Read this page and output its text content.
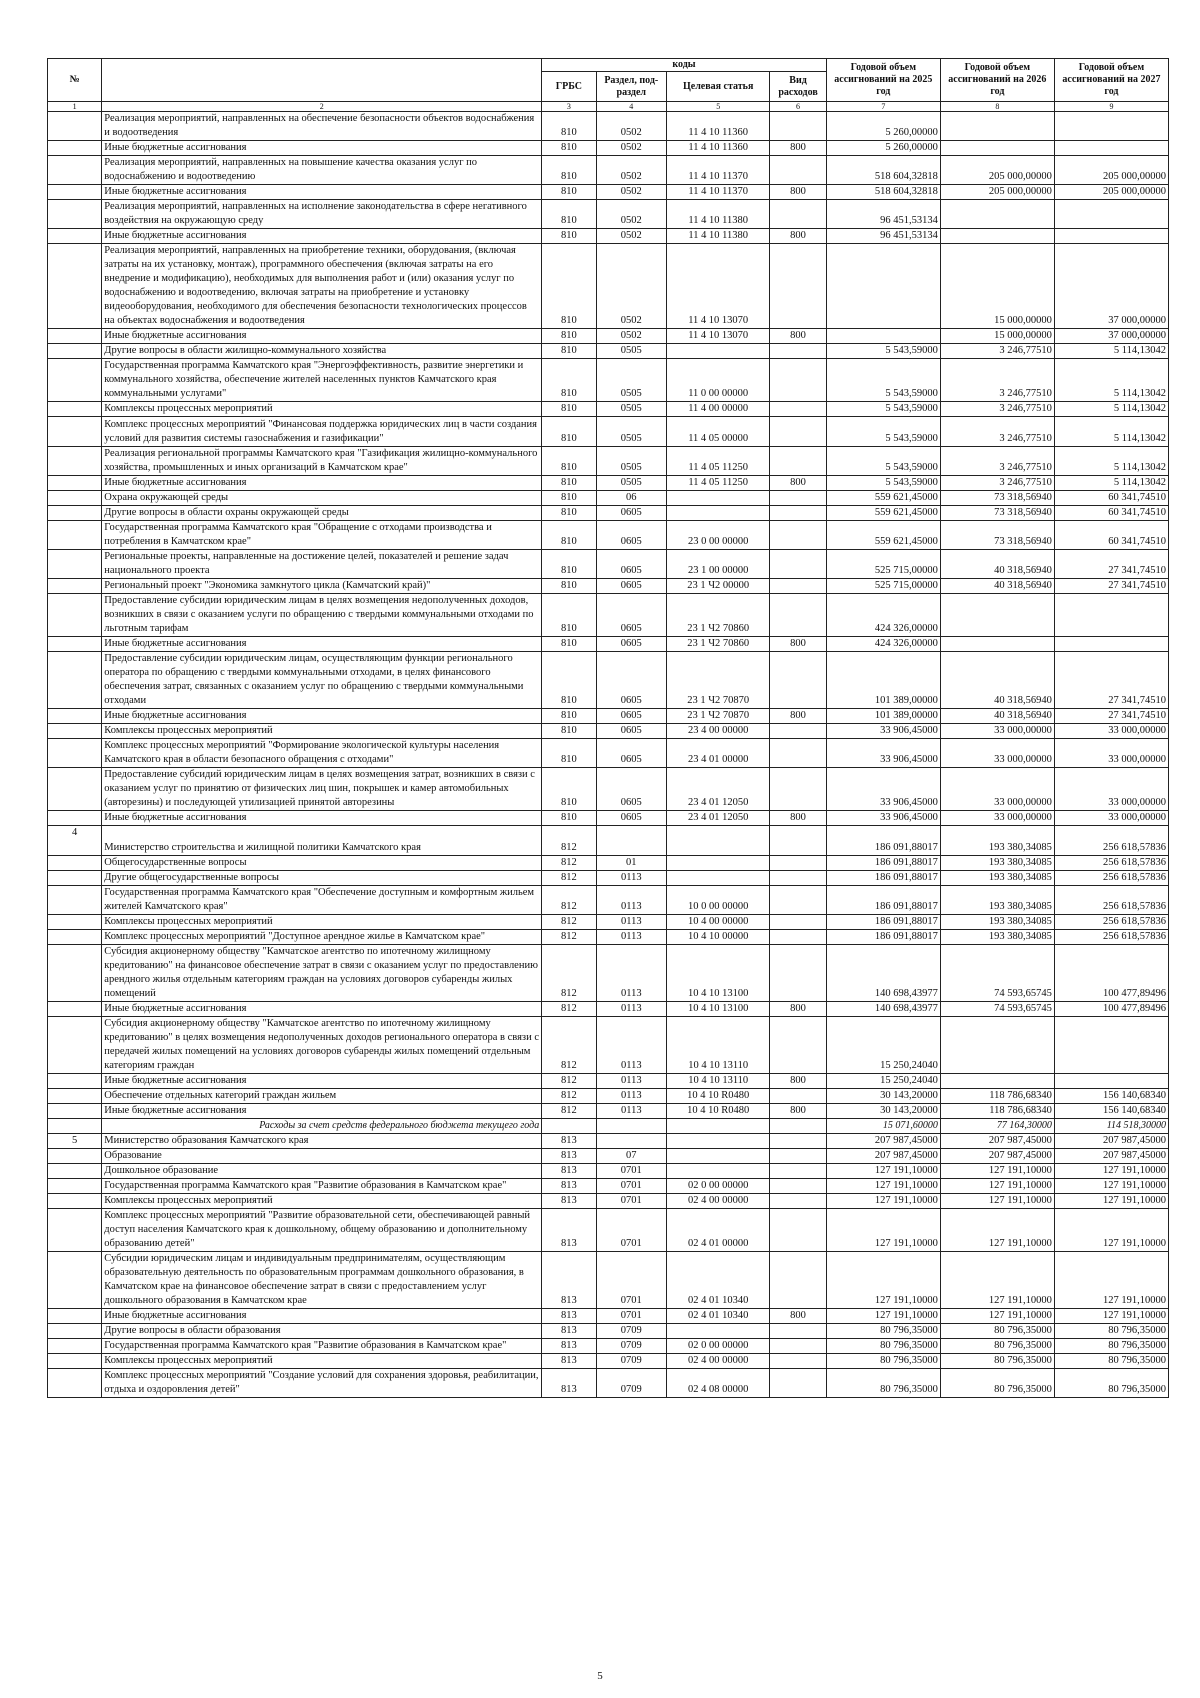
№		коды				Годовой объем ассигнований на 2025 год	Годовой объем ассигнований на 2026 год	Годовой объем ассигнований на 2027 год
		ГРБС	Раздел, под-раздел	Целевая статья	Вид расходов			
1	2	3	4	5	6	7	8	9
	Реализация мероприятий, направленных на обеспечение безопасности объектов водоснабжения и водоотведения	810	0502	11 4 10 11360		5 260,00000		
	Иные бюджетные ассигнования	810	0502	11 4 10 11360	800	5 260,00000		
	Реализация мероприятий, направленных на повышение качества оказания услуг по водоснабжению и водоотведению	810	0502	11 4 10 11370		518 604,32818	205 000,00000	205 000,00000
	Иные бюджетные ассигнования	810	0502	11 4 10 11370	800	518 604,32818	205 000,00000	205 000,00000
	Реализация мероприятий, направленных на исполнение законодательства в сфере негативного воздействия на окружающую среду	810	0502	11 4 10 11380		96 451,53134		
	Иные бюджетные ассигнования	810	0502	11 4 10 11380	800	96 451,53134		
	Реализация мероприятий, направленных на приобретение техники, оборудования, (включая затраты на их установку, монтаж), программного обеспечения (включая затраты на его внедрение и модификацию), необходимых для выполнения работ и (или) оказания услуг по водоснабжению и водоотведению, включая затраты на приобретение и установку видеооборудования, необходимого для обеспечения безопасности технологических процессов на объектах водоснабжения и водоотведения	810	0502	11 4 10 13070			15 000,00000	37 000,00000
	Иные бюджетные ассигнования	810	0502	11 4 10 13070	800		15 000,00000	37 000,00000
	Другие вопросы в области жилищно-коммунального хозяйства	810	0505			5 543,59000	3 246,77510	5 114,13042
	Государственная программа Камчатского края "Энергоэффективность, развитие энергетики и коммунального хозяйства, обеспечение жителей населенных пунктов Камчатского края коммунальными услугами"	810	0505	11 0 00 00000		5 543,59000	3 246,77510	5 114,13042
	Комплексы процессных мероприятий	810	0505	11 4 00 00000		5 543,59000	3 246,77510	5 114,13042
	Комплекс процессных мероприятий "Финансовая поддержка юридических лиц в части создания условий для развития системы газоснабжения и газификации"	810	0505	11 4 05 00000		5 543,59000	3 246,77510	5 114,13042
	Реализация региональной программы Камчатского края "Газификация жилищно-коммунального хозяйства, промышленных и иных организаций в Камчатском крае"	810	0505	11 4 05 11250		5 543,59000	3 246,77510	5 114,13042
	Иные бюджетные ассигнования	810	0505	11 4 05 11250	800	5 543,59000	3 246,77510	5 114,13042
	Охрана окружающей среды	810	06			559 621,45000	73 318,56940	60 341,74510
	Другие вопросы в области охраны окружающей среды	810	0605			559 621,45000	73 318,56940	60 341,74510
	Государственная программа Камчатского края "Обращение с отходами производства и потребления в Камчатском крае"	810	0605	23 0 00 00000		559 621,45000	73 318,56940	60 341,74510
	Региональные проекты, направленные на достижение целей, показателей и решение задач национального проекта	810	0605	23 1 00 00000		525 715,00000	40 318,56940	27 341,74510
	Региональный проект "Экономика замкнутого цикла (Камчатский край)"	810	0605	23 1 Ч2 00000		525 715,00000	40 318,56940	27 341,74510
	Предоставление субсидии юридическим лицам в целях возмещения недополученных доходов, возникших в связи с оказанием услуги по обращению с твердыми коммунальными отходами по льготным тарифам	810	0605	23 1 Ч2 70860		424 326,00000		
	Иные бюджетные ассигнования	810	0605	23 1 Ч2 70860	800	424 326,00000		
	Предоставление субсидии юридическим лицам, осуществляющим функции регионального оператора по обращению с твердыми коммунальными отходами, в целях финансового обеспечения затрат, связанных с оказанием услуг по обращению с твердыми коммунальными отходами	810	0605	23 1 Ч2 70870		101 389,00000	40 318,56940	27 341,74510
	Иные бюджетные ассигнования	810	0605	23 1 Ч2 70870	800	101 389,00000	40 318,56940	27 341,74510
	Комплексы процессных мероприятий	810	0605	23 4 00 00000		33 906,45000	33 000,00000	33 000,00000
	Комплекс процессных мероприятий "Формирование экологической культуры населения Камчатского края в области безопасного обращения с отходами"	810	0605	23 4 01 00000		33 906,45000	33 000,00000	33 000,00000
	Предоставление субсидий юридическим лицам в целях возмещения затрат, возникших в связи с оказанием услуг по принятию от физических лиц шин, покрышек и камер автомобильных (авторезины) и последующей утилизацией принятой авторезины	810	0605	23 4 01 12050		33 906,45000	33 000,00000	33 000,00000
	Иные бюджетные ассигнования	810	0605	23 4 01 12050	800	33 906,45000	33 000,00000	33 000,00000
4	Министерство строительства и жилищной политики Камчатского края	812				186 091,88017	193 380,34085	256 618,57836
	Общегосударственные вопросы	812	01			186 091,88017	193 380,34085	256 618,57836
	Другие общегосударственные вопросы	812	0113			186 091,88017	193 380,34085	256 618,57836
	Государственная программа Камчатского края "Обеспечение доступным и комфортным жильем жителей Камчатского края"	812	0113	10 0 00 00000		186 091,88017	193 380,34085	256 618,57836
	Комплексы процессных мероприятий	812	0113	10 4 00 00000		186 091,88017	193 380,34085	256 618,57836
	Комплекс процессных мероприятий "Доступное арендное жилье в Камчатском крае"	812	0113	10 4 10 00000		186 091,88017	193 380,34085	256 618,57836
	Субсидия акционерному обществу "Камчатское агентство по ипотечному жилищному кредитованию" на финансовое обеспечение затрат в связи с оказанием услуг по предоставлению арендного жилья отдельным категориям граждан на условиях договоров субаренды жилых помещений	812	0113	10 4 10 13100		140 698,43977	74 593,65745	100 477,89496
	Иные бюджетные ассигнования	812	0113	10 4 10 13100	800	140 698,43977	74 593,65745	100 477,89496
	Субсидия акционерному обществу "Камчатское агентство по ипотечному жилищному кредитованию" в целях возмещения недополученных доходов регионального оператора в связи с передачей жилых помещений на условиях договоров субаренды жилых помещений отдельным категориям граждан	812	0113	10 4 10 13110		15 250,24040		
	Иные бюджетные ассигнования	812	0113	10 4 10 13110	800	15 250,24040		
	Обеспечение отдельных категорий граждан жильем	812	0113	10 4 10 R0480		30 143,20000	118 786,68340	156 140,68340
	Иные бюджетные ассигнования	812	0113	10 4 10 R0480	800	30 143,20000	118 786,68340	156 140,68340
	Расходы за счет средств федерального бюджета текущего года					15 071,60000	77 164,30000	114 518,30000
5	Министерство образования Камчатского края	813				207 987,45000	207 987,45000	207 987,45000
	Образование	813	07			207 987,45000	207 987,45000	207 987,45000
	Дошкольное образование	813	0701			127 191,10000	127 191,10000	127 191,10000
	Государственная программа Камчатского края "Развитие образования в Камчатском крае"	813	0701	02 0 00 00000		127 191,10000	127 191,10000	127 191,10000
	Комплексы процессных мероприятий	813	0701	02 4 00 00000		127 191,10000	127 191,10000	127 191,10000
	Комплекс процессных мероприятий "Развитие образовательной сети, обеспечивающей равный доступ населения Камчатского края к дошкольному, общему образованию и дополнительному образованию детей"	813	0701	02 4 01 00000		127 191,10000	127 191,10000	127 191,10000
	Субсидии юридическим лицам и индивидуальным предпринимателям, осуществляющим образовательную деятельность по образовательным программам дошкольного образования, в Камчатском крае на финансовое обеспечение затрат в связи с предоставлением услуг дошкольного образования в Камчатском крае	813	0701	02 4 01 10340		127 191,10000	127 191,10000	127 191,10000
	Иные бюджетные ассигнования	813	0701	02 4 01 10340	800	127 191,10000	127 191,10000	127 191,10000
	Другие вопросы в области образования	813	0709			80 796,35000	80 796,35000	80 796,35000
	Государственная программа Камчатского края "Развитие образования в Камчатском крае"	813	0709	02 0 00 00000		80 796,35000	80 796,35000	80 796,35000
	Комплексы процессных мероприятий	813	0709	02 4 00 00000		80 796,35000	80 796,35000	80 796,35000
	Комплекс процессных мероприятий "Создание условий для сохранения здоровья, реабилитации, отдыха и оздоровления детей"	813	0709	02 4 08 00000		80 796,35000	80 796,35000	80 796,35000
5
